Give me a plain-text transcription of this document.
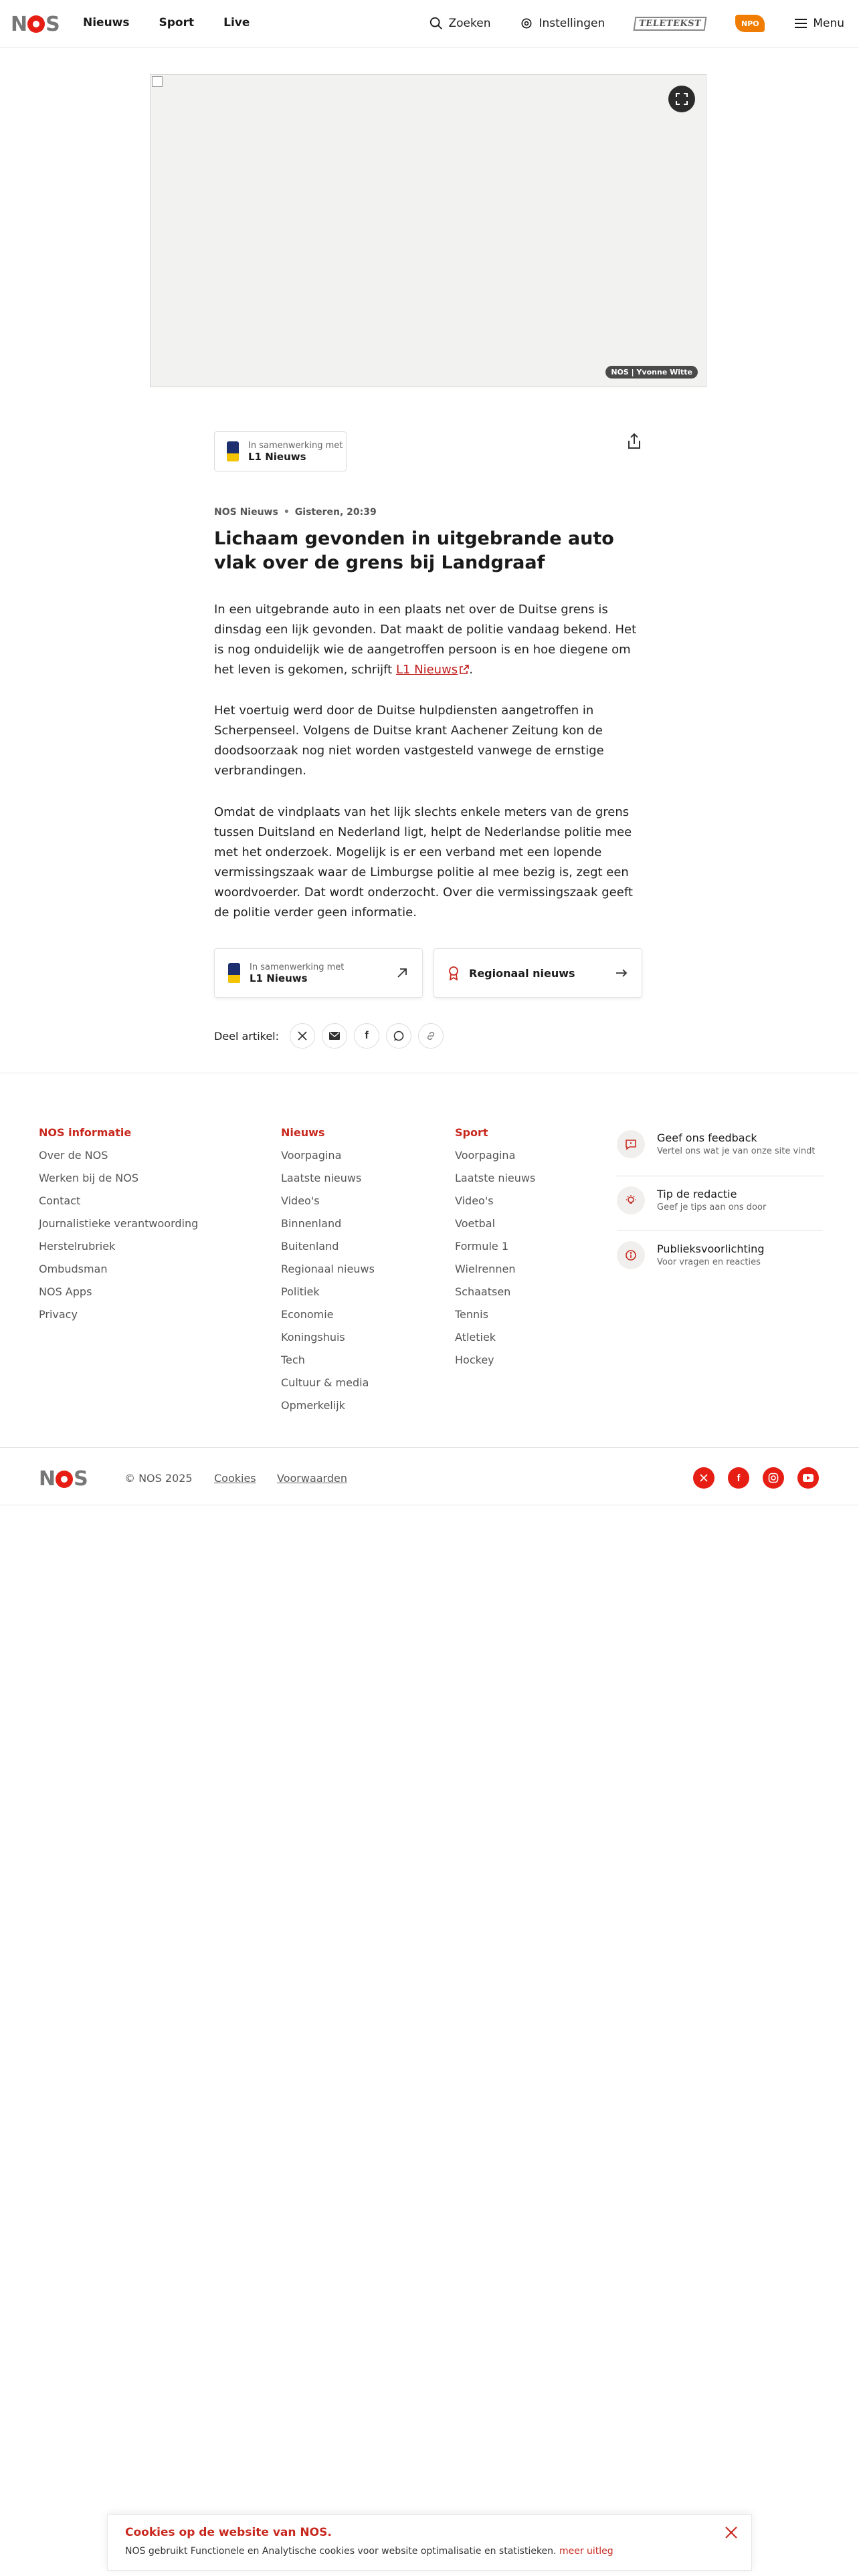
N S Nieuws	Sport	Live	Zoeken	Instellingen	TELETEKST	NPO	Menu
NOS | Yvonne Witte
In samenwerking met
L1 Nieuws
NOS Nieuws • Gisteren, 20:39
Lichaam gevonden in uitgebrande auto vlak over de grens bij Landgraaf

In een uitgebrande auto in een plaats net over de Duitse grens is dinsdag een lijk gevonden. Dat maakt de politie vandaag bekend. Het is nog onduidelijk wie de aangetroffen persoon is en hoe diegene om het leven is gekomen, schrijft L1 Nieuws .

Het voertuig werd door de Duitse hulpdiensten aangetroffen in Scherpenseel. Volgens de Duitse krant Aachener Zeitung kon de doodsoorzaak nog niet worden vastgesteld vanwege de ernstige verbrandingen.

Omdat de vindplaats van het lijk slechts enkele meters van de grens tussen Duitsland en Nederland ligt, helpt de Nederlandse politie mee met het onderzoek. Mogelijk is er een verband met een lopende vermissingszaak waar de Limburgse politie al mee bezig is, zegt een woordvoerder. Dat wordt onderzocht. Over die vermissingszaak geeft de politie verder geen informatie.

In samenwerking met
L1 Nieuws	Regionaal nieuws
Deel artikel:	f
NOS informatie
Over de NOS
Werken bij de NOS
Contact
Journalistieke verantwoording
Herstelrubriek
Ombudsman
NOS Apps
Privacy
Nieuws
Voorpagina
Laatste nieuws
Video's
Binnenland
Buitenland
Regionaal nieuws
Politiek
Economie
Koningshuis
Tech
Cultuur & media
Opmerkelijk
Sport
Voorpagina
Laatste nieuws
Video's
Voetbal
Formule 1
Wielrennen
Schaatsen
Tennis
Atletiek
Hockey
Geef ons feedback
Vertel ons wat je van onze site vindt
Tip de redactie
Geef je tips aan ons door
Publieksvoorlichting
Voor vragen en reacties
N S	© NOS 2025 Cookies Voorwaarden	f
Cookies op de website van NOS.
NOS gebruikt Functionele en Analytische cookies voor website optimalisatie en statistieken. meer uitleg
